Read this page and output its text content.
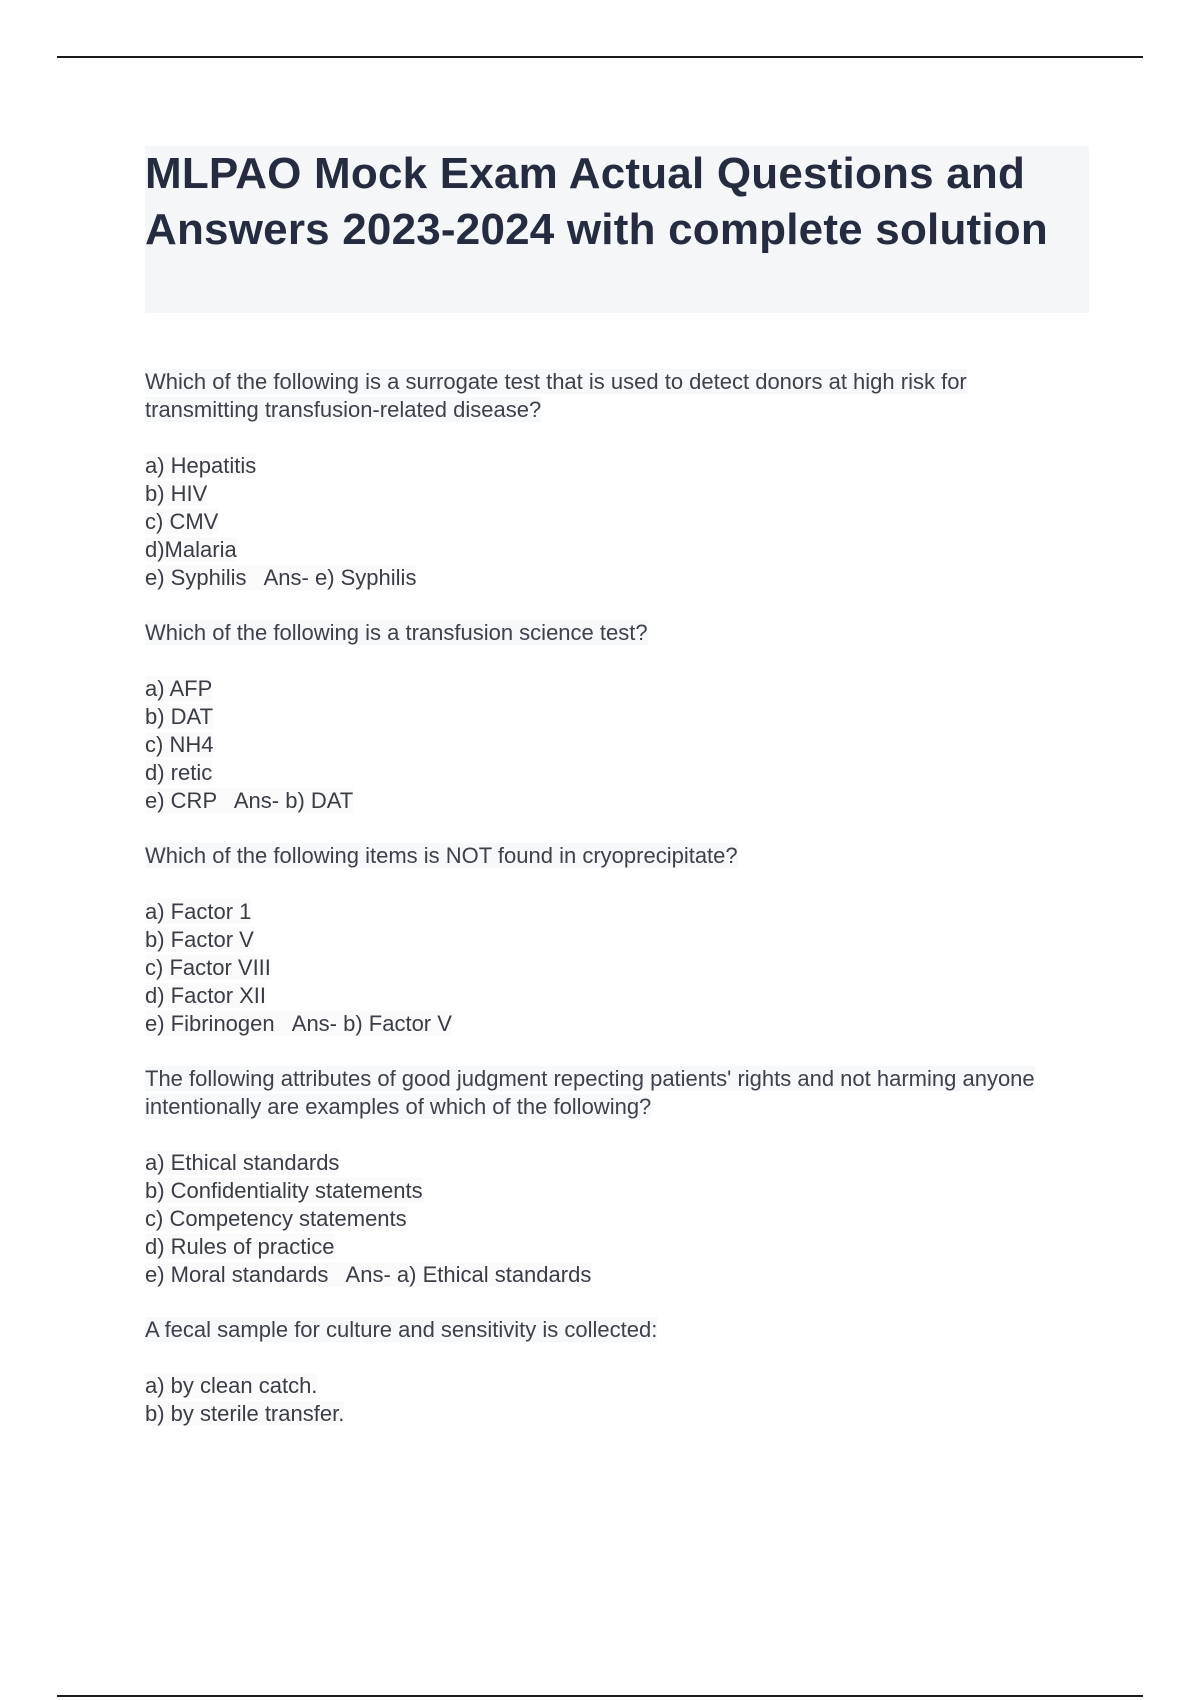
MLPAO Mock Exam Actual Questions and Answers 2023-2024 with complete solution
Which of the following is a surrogate test that is used to detect donors at high risk for transmitting transfusion-related disease?
a) Hepatitis
b) HIV
c) CMV
d)Malaria
e) Syphilis Ans- e) Syphilis
Which of the following is a transfusion science test?
a) AFP
b) DAT
c) NH4
d) retic
e) CRP Ans- b) DAT
Which of the following items is NOT found in cryoprecipitate?
a) Factor 1
b) Factor V
c) Factor VIII
d) Factor XII
e) Fibrinogen Ans- b) Factor V
The following attributes of good judgment repecting patients' rights and not harming anyone intentionally are examples of which of the following?
a) Ethical standards
b) Confidentiality statements
c) Competency statements
d) Rules of practice
e) Moral standards Ans- a) Ethical standards
A fecal sample for culture and sensitivity is collected:
a) by clean catch.
b) by sterile transfer.
